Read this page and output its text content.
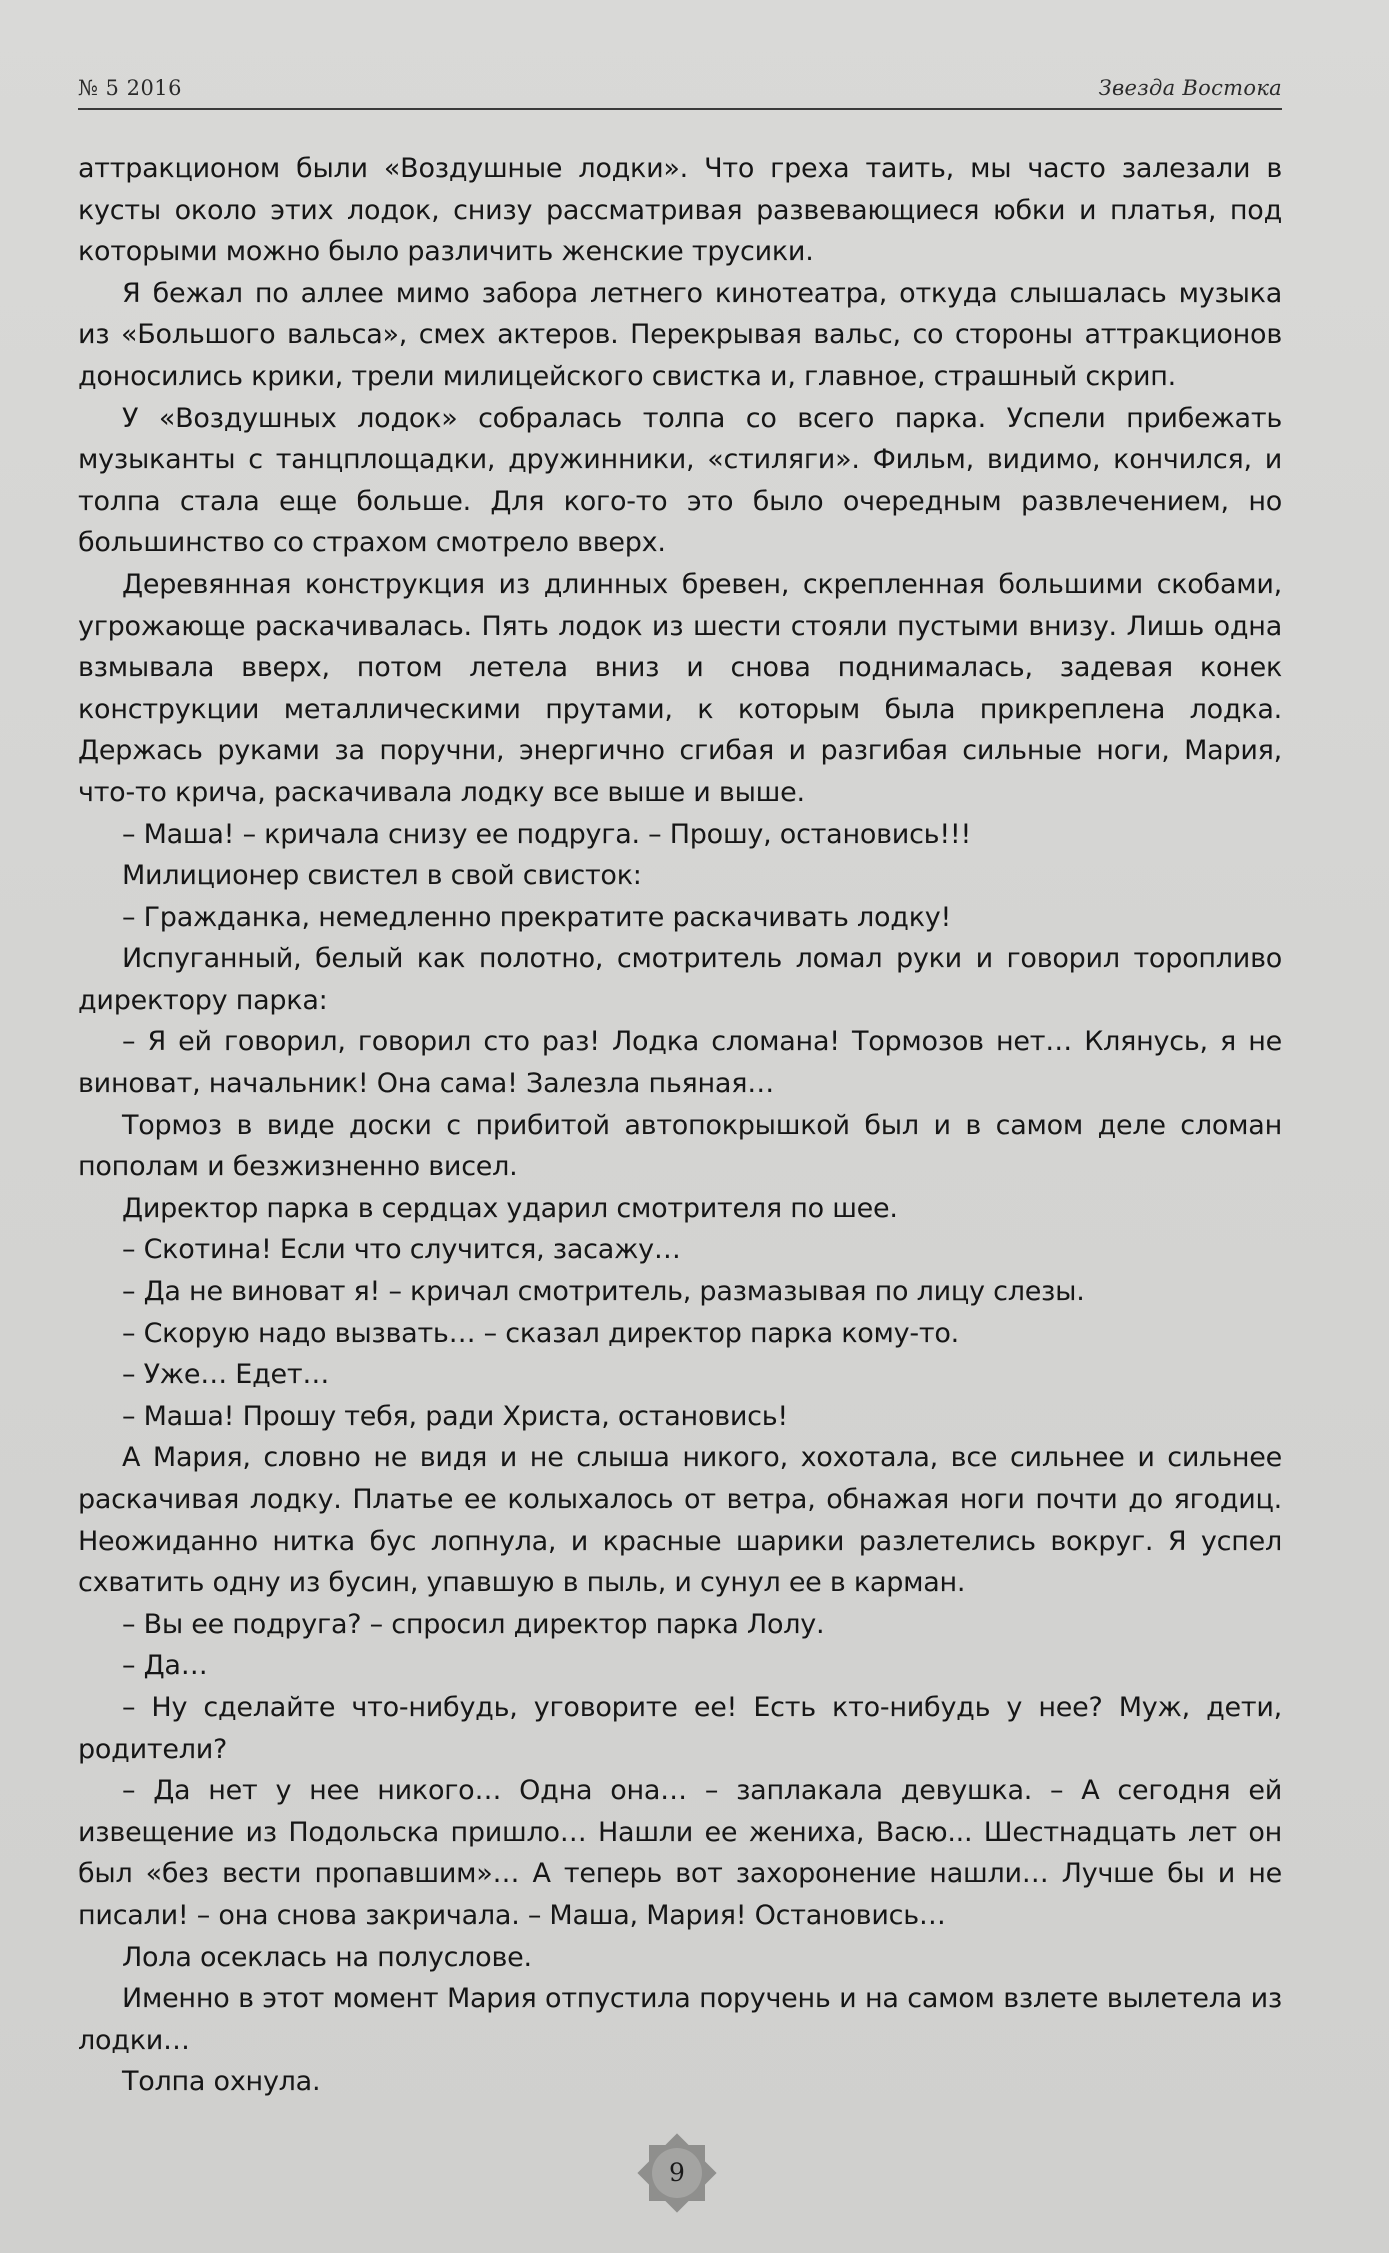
№ 5 2016	Звезда Востока

аттракционом были «Воздушные лодки». Что греха таить, мы часто залезали в кусты около этих лодок, снизу рассматривая развевающиеся юбки и платья, под которыми можно было различить женские трусики.

Я бежал по аллее мимо забора летнего кинотеатра, откуда слышалась музыка из «Большого вальса», смех актеров. Перекрывая вальс, со стороны аттракционов доносились крики, трели милицейского свистка и, главное, страшный скрип.

У «Воздушных лодок» собралась толпа со всего парка. Успели прибежать музыканты с танцплощадки, дружинники, «стиляги». Фильм, видимо, кончился, и толпа стала еще больше. Для кого-то это было очередным развлечением, но большинство со страхом смотрело вверх.

Деревянная конструкция из длинных бревен, скрепленная большими скобами, угрожающе раскачивалась. Пять лодок из шести стояли пустыми внизу. Лишь одна взмывала вверх, потом летела вниз и снова поднималась, задевая конек конструкции металлическими прутами, к которым была прикреплена лодка. Держась руками за поручни, энергично сгибая и разгибая сильные ноги, Мария, что-то крича, раскачивала лодку все выше и выше.

– Маша! – кричала снизу ее подруга. – Прошу, остановись!!!

Милиционер свистел в свой свисток:

– Гражданка, немедленно прекратите раскачивать лодку!

Испуганный, белый как полотно, смотритель ломал руки и говорил торопливо директору парка:

– Я ей говорил, говорил сто раз! Лодка сломана! Тормозов нет… Клянусь, я не виноват, начальник! Она сама! Залезла пьяная…

Тормоз в виде доски с прибитой автопокрышкой был и в самом деле сломан пополам и безжизненно висел.

Директор парка в сердцах ударил смотрителя по шее.

– Скотина! Если что случится, засажу…

– Да не виноват я! – кричал смотритель, размазывая по лицу слезы.

– Скорую надо вызвать… – сказал директор парка кому-то.

– Уже… Едет…

– Маша! Прошу тебя, ради Христа, остановись!

А Мария, словно не видя и не слыша никого, хохотала, все сильнее и сильнее раскачивая лодку. Платье ее колыхалось от ветра, обнажая ноги почти до ягодиц. Неожиданно нитка бус лопнула, и красные шарики разлетелись вокруг. Я успел схватить одну из бусин, упавшую в пыль, и сунул ее в карман.

– Вы ее подруга? – спросил директор парка Лолу.

– Да…

– Ну сделайте что-нибудь, уговорите ее! Есть кто-нибудь у нее? Муж, дети, родители?

– Да нет у нее никого… Одна она… – заплакала девушка. – А сегодня ей извещение из Подольска пришло… Нашли ее жениха, Васю... Шестнадцать лет он был «без вести пропавшим»… А теперь вот захоронение нашли… Лучше бы и не писали! – она снова закричала. – Маша, Мария! Остановись…

Лола осеклась на полуслове.

Именно в этот момент Мария отпустила поручень и на самом взлете вылетела из лодки…

Толпа охнула.

9
